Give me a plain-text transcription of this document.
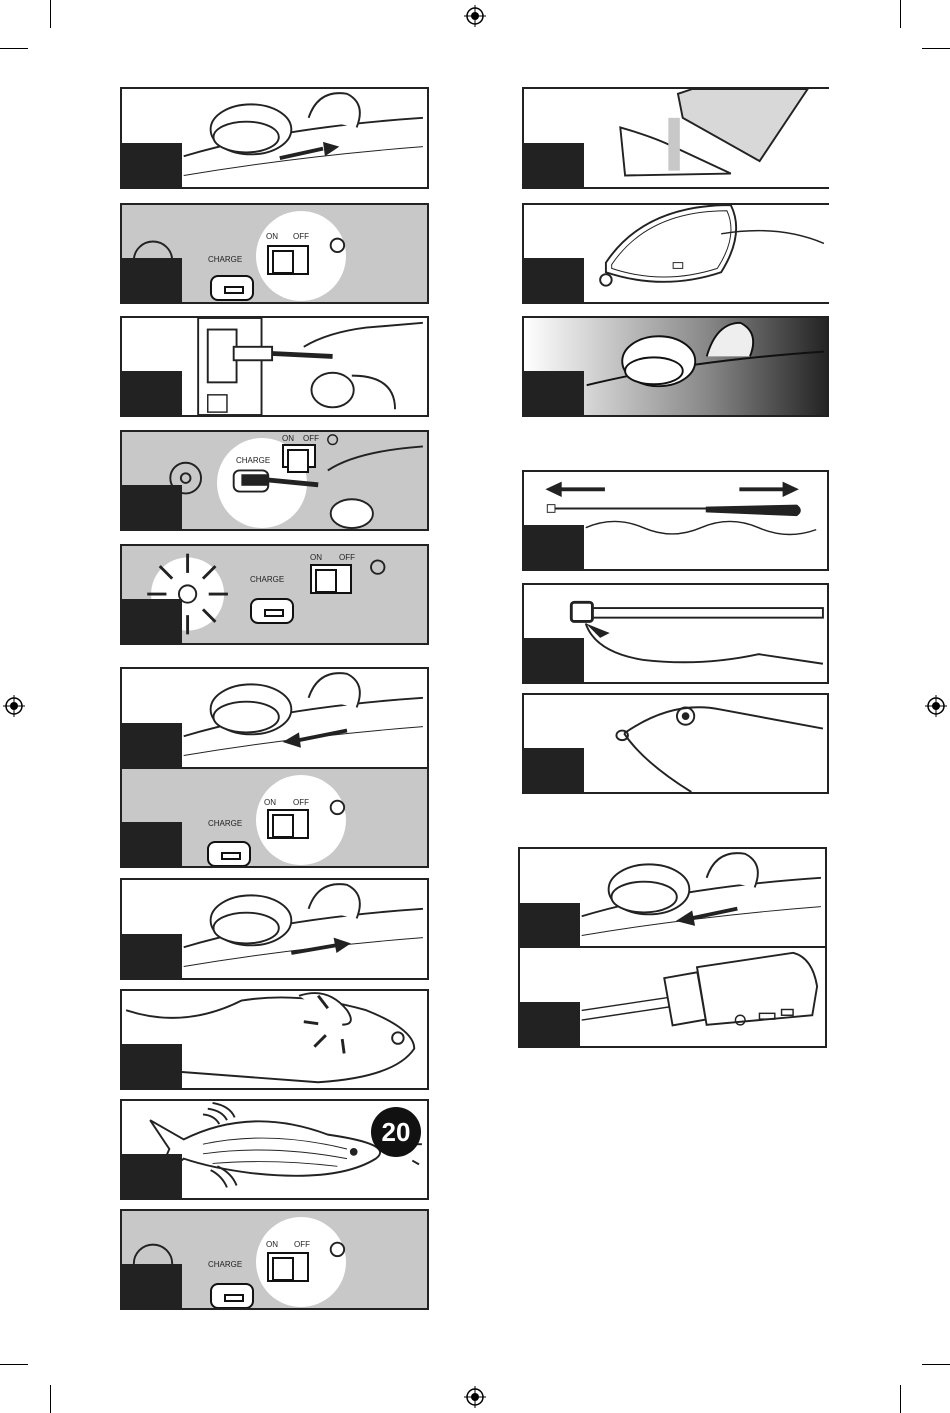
ON OFF
CHARGE
ON OFF
CHARGE
ON OFF
CHARGE
ON OFF
CHARGE
20
ON OFF
CHARGE
